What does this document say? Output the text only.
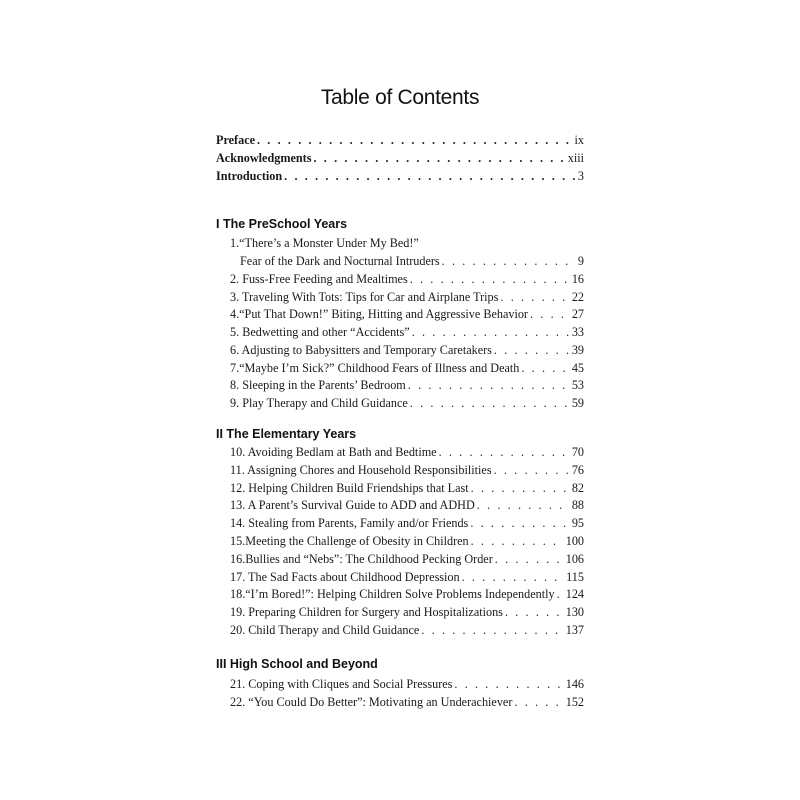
Table of Contents
Preface . . .	ix
Acknowledgments . . .	xiii
Introduction . . .	3
I The PreSchool Years
1.“There’s a Monster Under My Bed!”
Fear of the Dark and Nocturnal Intruders . . .	9
2. Fuss-Free Feeding and Mealtimes . . .	16
3. Traveling With Tots: Tips for Car and Airplane Trips . . .	22
4.“Put That Down!” Biting, Hitting and Aggressive Behavior . . .	27
5. Bedwetting and other “Accidents” . . .	33
6. Adjusting to Babysitters and Temporary Caretakers . . .	39
7.“Maybe I’m Sick?” Childhood Fears of Illness and Death . . .	45
8. Sleeping in the Parents’ Bedroom . . .	53
9. Play Therapy and Child Guidance . . .	59
II The Elementary Years
10. Avoiding Bedlam at Bath and Bedtime . . .	70
11. Assigning Chores and Household Responsibilities . . .	76
12. Helping Children Build Friendships that Last . . .	82
13. A Parent’s Survival Guide to ADD and ADHD . . .	88
14. Stealing from Parents, Family and/or Friends . . .	95
15.Meeting the Challenge of Obesity in Children . . .	100
16.Bullies and “Nebs”: The Childhood Pecking Order . . .	106
17. The Sad Facts about Childhood Depression . . .	115
18.“I’m Bored!”: Helping Children Solve Problems Independently . . . 124
19. Preparing Children for Surgery and Hospitalizations . . .	130
20. Child Therapy and Child Guidance . . .	137
III High School and Beyond
21. Coping with Cliques and Social Pressures . . .	146
22. “You Could Do Better”: Motivating an Underachiever . . .	152
